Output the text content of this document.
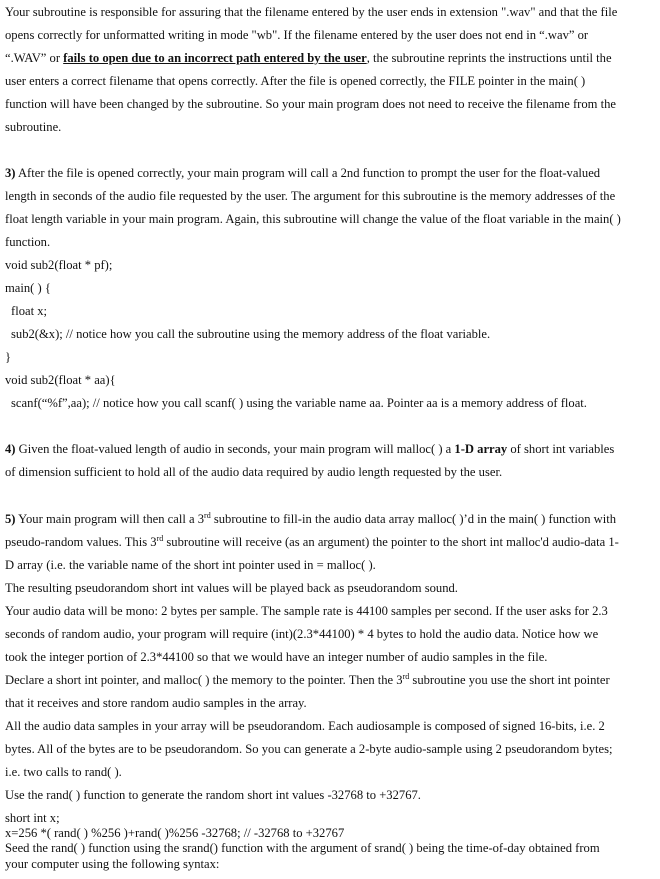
Your subroutine is responsible for assuring that the filename entered by the user ends in extension ".wav" and that the file
opens correctly for unformatted writing in mode "wb". If the filename entered by the user does not end in “.wav” or
“.WAV” or fails to open due to an incorrect path entered by the user, the subroutine reprints the instructions until the
user enters a correct filename that opens correctly. After the file is opened correctly, the FILE pointer in the main( )
function will have been changed by the subroutine. So your main program does not need to receive the filename from the
subroutine.
3) After the file is opened correctly, your main program will call a 2nd function to prompt the user for the float-valued
length in seconds of the audio file requested by the user. The argument for this subroutine is the memory addresses of the
float length variable in your main program. Again, this subroutine will change the value of the float variable in the main( )
function.
void sub2(float * pf);
main( ) {
float x;
sub2(&x); // notice how you call the subroutine using the memory address of the float variable.
}
void sub2(float * aa){
scanf(“%f”,aa); // notice how you call scanf( ) using the variable name aa. Pointer aa is a memory address of float.
4) Given the float-valued length of audio in seconds, your main program will malloc( ) a 1-D array of short int variables
of dimension sufficient to hold all of the audio data required by audio length requested by the user.
5) Your main program will then call a 3rd subroutine to fill-in the audio data array malloc( )’d in the main( ) function with
pseudo-random values. This 3rd subroutine will receive (as an argument) the pointer to the short int malloc'd audio-data 1-
D array (i.e. the variable name of the short int pointer used in = malloc( ).
The resulting pseudorandom short int values will be played back as pseudorandom sound.
Your audio data will be mono: 2 bytes per sample. The sample rate is 44100 samples per second. If the user asks for 2.3
seconds of random audio, your program will require (int)(2.3*44100) * 4 bytes to hold the audio data. Notice how we
took the integer portion of 2.3*44100 so that we would have an integer number of audio samples in the file.
Declare a short int pointer, and malloc( ) the memory to the pointer. Then the 3rd subroutine you use the short int pointer
that it receives and store random audio samples in the array.
All the audio data samples in your array will be pseudorandom. Each audiosample is composed of signed 16-bits, i.e. 2
bytes. All of the bytes are to be pseudorandom. So you can generate a 2-byte audio-sample using 2 pseudorandom bytes;
i.e. two calls to rand( ).
Use the rand( ) function to generate the random short int values -32768 to +32767.
short int x;
x=256 *( rand( ) %256 )+rand( )%256 -32768; // -32768 to +32767
Seed the rand( ) function using the srand() function with the argument of srand( ) being the time-of-day obtained from
your computer using the following syntax:
